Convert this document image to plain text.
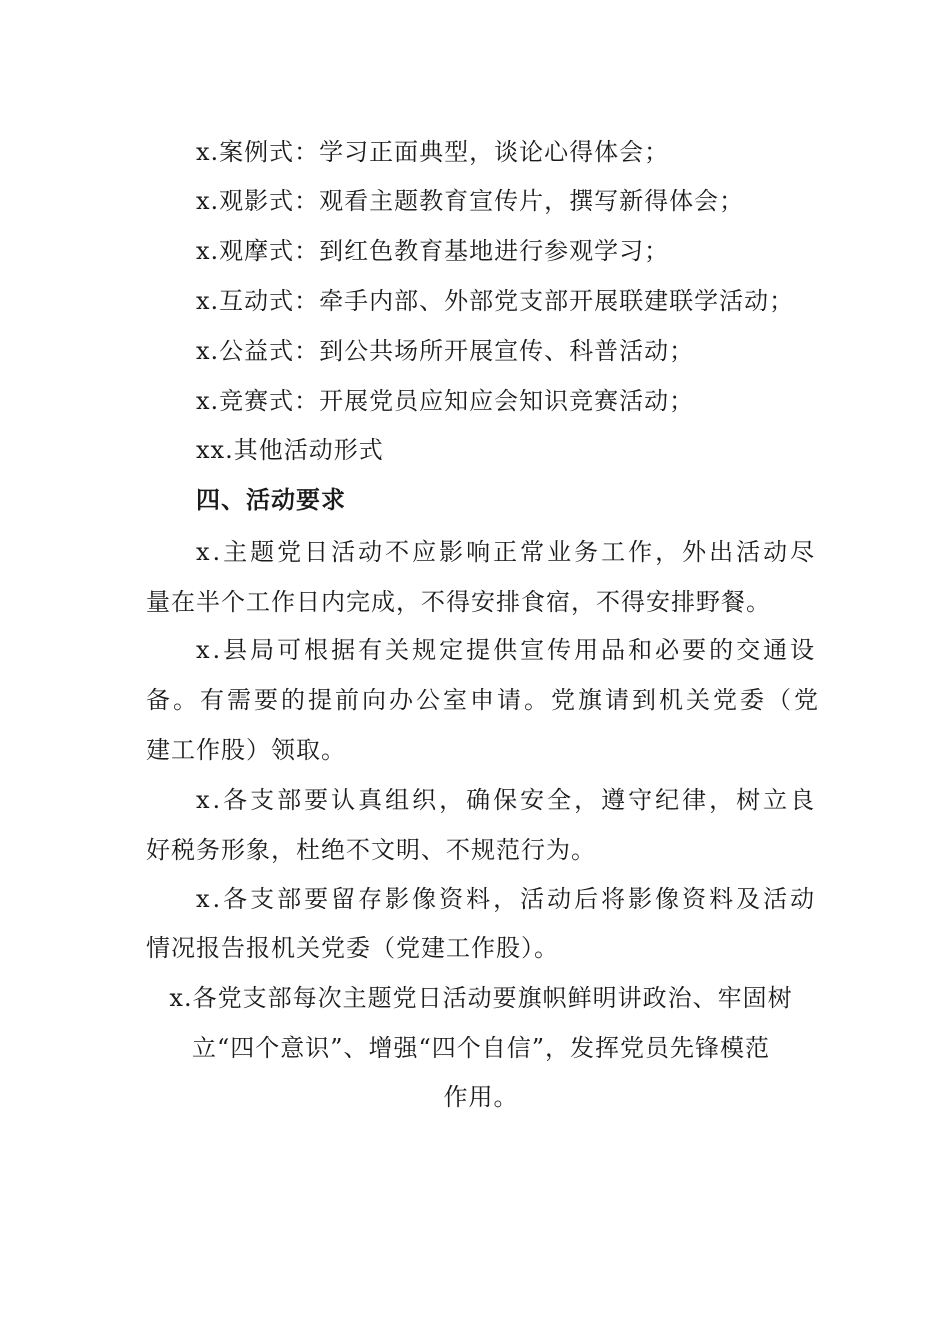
x.案例式：学习正面典型，谈论心得体会；
x.观影式：观看主题教育宣传片，撰写新得体会；
x.观摩式：到红色教育基地进行参观学习；
x.互动式：牵手内部、外部党支部开展联建联学活动；
x.公益式：到公共场所开展宣传、科普活动；
x.竞赛式：开展党员应知应会知识竞赛活动；
xx.其他活动形式
四、活动要求
x.主题党日活动不应影响正常业务工作，外出活动尽
量在半个工作日内完成，不得安排食宿，不得安排野餐。
x.县局可根据有关规定提供宣传用品和必要的交通设
备。有需要的提前向办公室申请。党旗请到机关党委（党
建工作股）领取。
x.各支部要认真组织，确保安全，遵守纪律，树立良
好税务形象，杜绝不文明、不规范行为。
x.各支部要留存影像资料，活动后将影像资料及活动
情况报告报机关党委（党建工作股）。
x.各党支部每次主题党日活动要旗帜鲜明讲政治、牢固树
立“四个意识”、增强“四个自信”，发挥党员先锋模范
作用。
